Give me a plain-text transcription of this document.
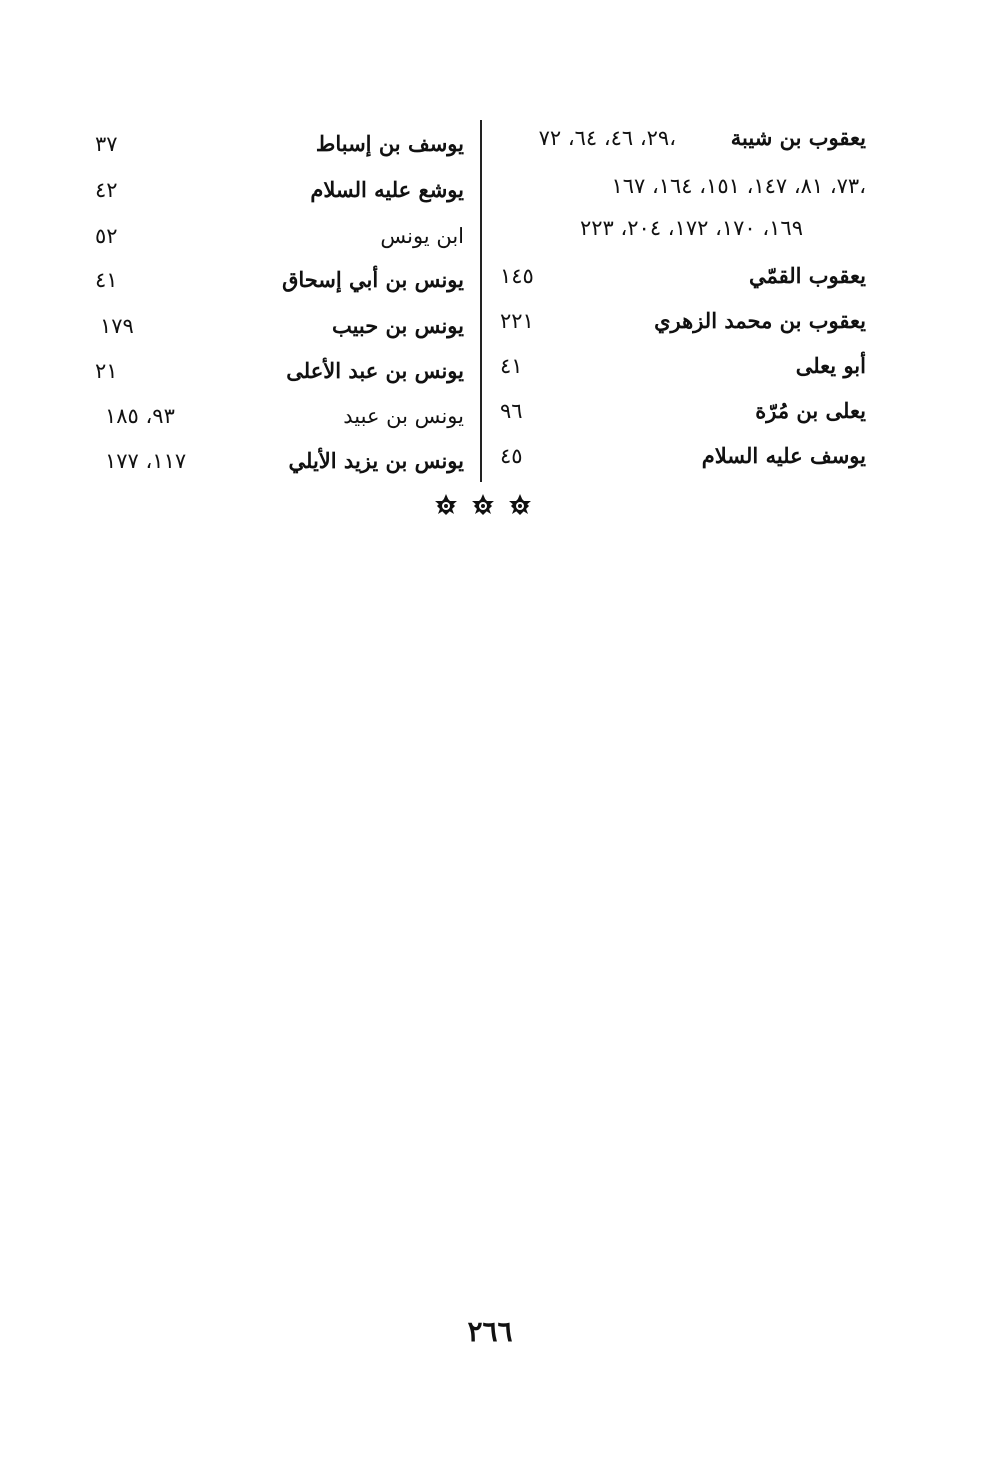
يعقوب بن شيبة
٢٩، ٤٦، ٦٤، ٧٢،
٧٣، ٨١، ١٤٧، ١٥١، ١٦٤، ١٦٧،
١٦٩، ١٧٠، ١٧٢، ٢٠٤، ٢٢٣
يعقوب القمّي
١٤٥
يعقوب بن محمد الزهري
٢٢١
أبو يعلى
٤١
يعلى بن مُرّة
٩٦
يوسف عليه السلام
٤٥
يوسف بن إسباط
٣٧
يوشع عليه السلام
٤٢
ابن يونس
٥٢
يونس بن أبي إسحاق
٤١
يونس بن حبيب
١٧٩
يونس بن عبد الأعلى
٢١
يونس بن عبيد
٩٣، ١٨٥
يونس بن يزيد الأيلي
١١٧، ١٧٧
٢٦٦
